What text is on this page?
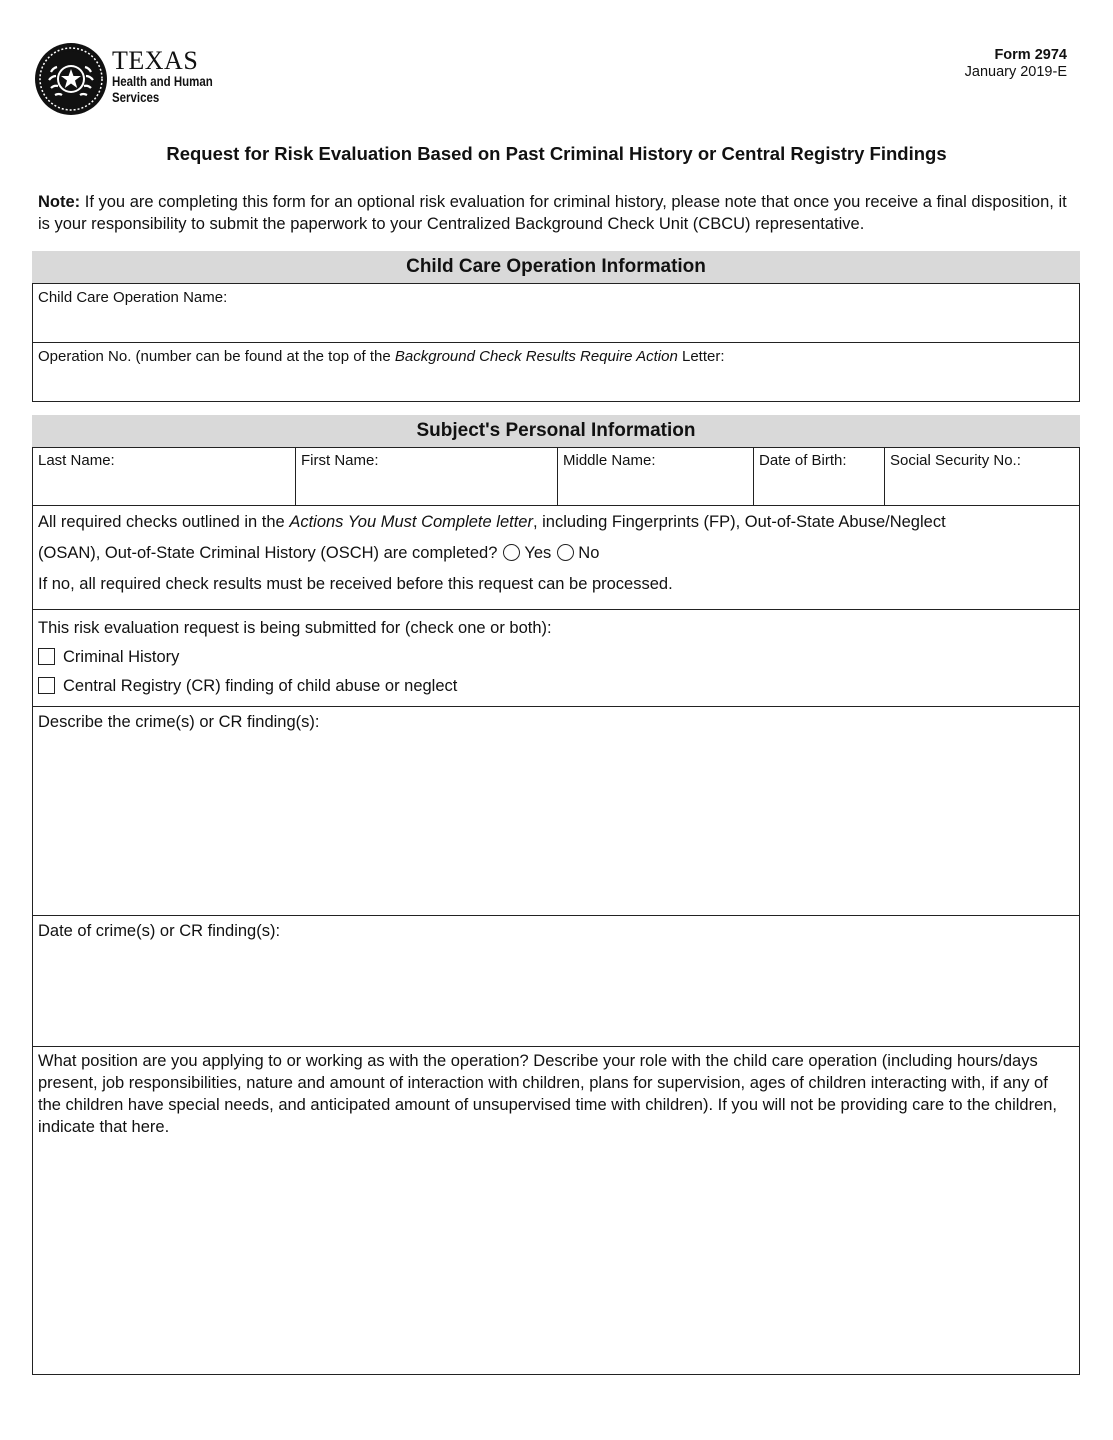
TEXAS
Health and Human
Services
Form 2974
January 2019-E
Request for Risk Evaluation Based on Past Criminal History or Central Registry Findings
Note: If you are completing this form for an optional risk evaluation for criminal history, please note that once you receive a final disposition, it is your responsibility to submit the paperwork to your Centralized Background Check Unit (CBCU) representative.
Child Care Operation Information
Child Care Operation Name:
Operation No. (number can be found at the top of the Background Check Results Require Action Letter:
Subject's Personal Information
Last Name:	First Name:	Middle Name:	Date of Birth:	Social Security No.:
All required checks outlined in the Actions You Must Complete letter, including Fingerprints (FP), Out-of-State Abuse/Neglect
(OSAN), Out-of-State Criminal History (OSCH) are completed? Yes No
If no, all required check results must be received before this request can be processed.
This risk evaluation request is being submitted for (check one or both):
Criminal History
Central Registry (CR) finding of child abuse or neglect
Describe the crime(s) or CR finding(s):
Date of crime(s) or CR finding(s):
What position are you applying to or working as with the operation? Describe your role with the child care operation (including hours/days present, job responsibilities, nature and amount of interaction with children, plans for supervision, ages of children interacting with, if any of the children have special needs, and anticipated amount of unsupervised time with children). If you will not be providing care to the children, indicate that here.
